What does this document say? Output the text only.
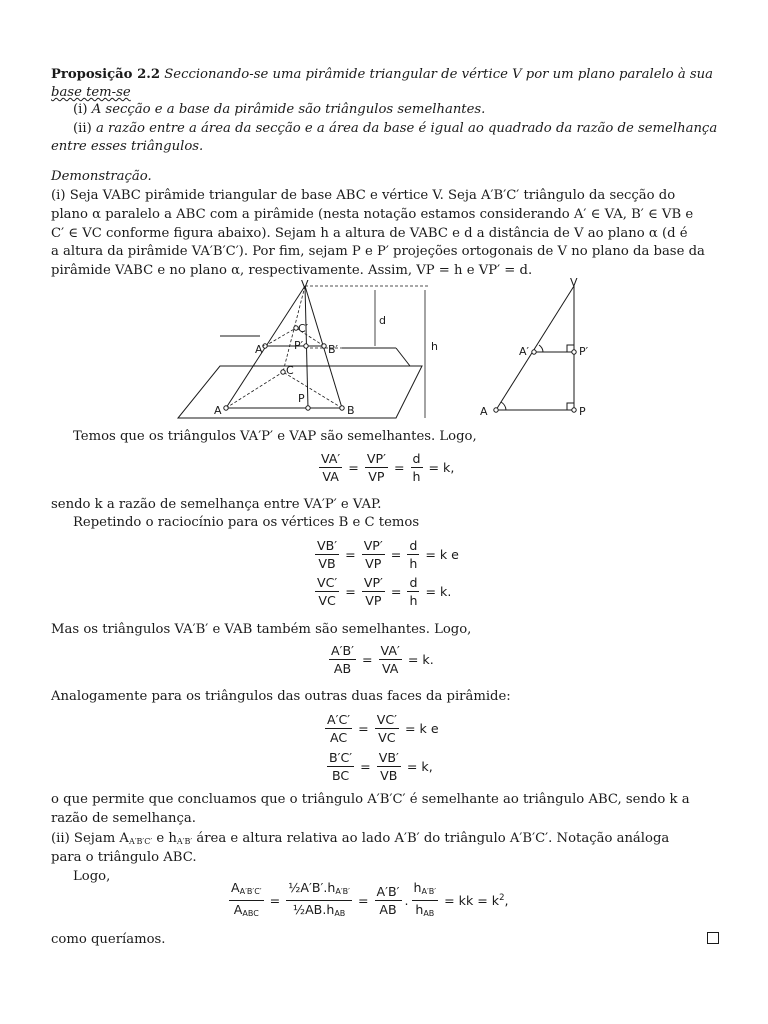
Proposição 2.2 Seccionando-se uma pirâmide triangular de vértice V por um plano paralelo à sua
base tem-se
(i) A secção e a base da pirâmide são triângulos semelhantes.
(ii) a razão entre a área da secção e a área da base é igual ao quadrado da razão de semelhança
entre esses triângulos.
Demonstração.
(i) Seja VABC pirâmide triangular de base ABC e vértice V. Seja A′B′C′ triângulo da secção do
plano α paralelo a ABC com a pirâmide (nesta notação estamos considerando A′ ∈ VA, B′ ∈ VB e
C′ ∈ VC conforme figura abaixo). Sejam h a altura de VABC e d a distância de V ao plano α (d é
a altura da pirâmide VA′B′C′). Por fim, sejam P e P′ projeções ortogonais de V no plano da base da
pirâmide VABC e no plano α, respectivamente. Assim, VP = h e VP′ = d.
V
A	B
C
A′	B′
C′
P
P′
d
h
V
A
A′
P
P′
Temos que os triângulos VA′P′ e VAP são semelhantes. Logo,
$\frac{VA'}{VA} = \frac{VP'}{VP} = \frac{d}{h} = k$,
sendo k a razão de semelhança entre VA′P′ e VAP.
Repetindo o raciocínio para os vértices B e C temos
$\frac{VB'}{VB} = \frac{VP'}{VP} = \frac{d}{h} = k$ e
$\frac{VC'}{VC} = \frac{VP'}{VP} = \frac{d}{h} = k$.
Mas os triângulos VA′B′ e VAB também são semelhantes. Logo,
$\frac{A'B'}{AB} = \frac{VA'}{VA} = k$.
Analogamente para os triângulos das outras duas faces da pirâmide:
$\frac{A'C'}{AC} = \frac{VC'}{VC} = k$ e
$\frac{B'C'}{BC} = \frac{VB'}{VB} = k$,
o que permite que concluamos que o triângulo A′B′C′ é semelhante ao triângulo ABC, sendo k a
razão de semelhança.
(ii) Sejam AA′B′C′ e hA′B′ área e altura relativa ao lado A′B′ do triângulo A′B′C′. Notação análoga
para o triângulo ABC.
Logo,
$\frac{AA'B'C'}{\text{AABC}} = \frac{\text{½A′B′.hA′B′}}{\text{½AB.hAB}} = \frac{A'B'}{AB}$ . $\frac{hA'B'}{\text{hAB}}$ = kk = $k^2$,
como queríamos.
